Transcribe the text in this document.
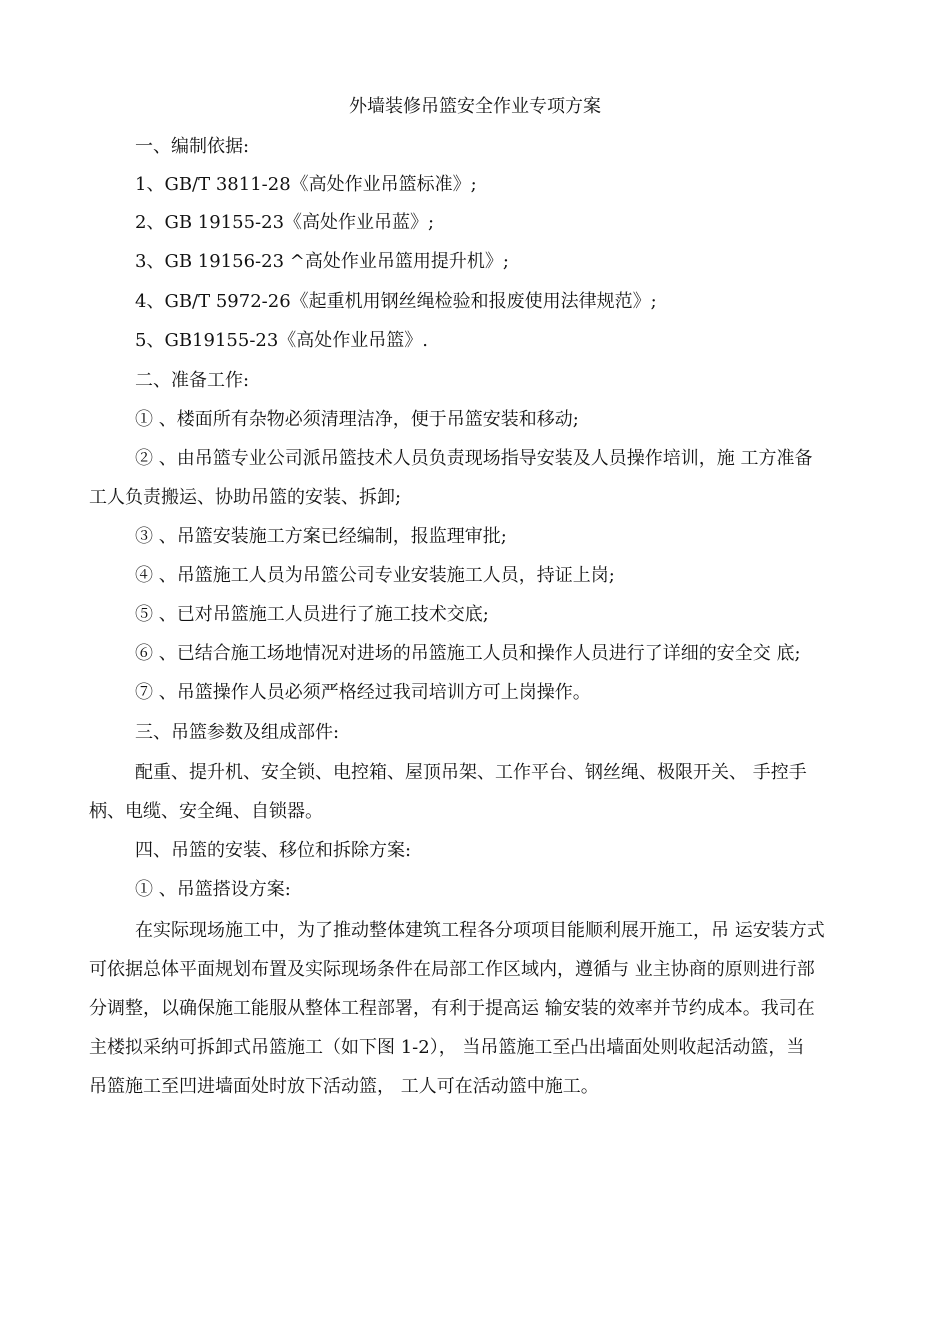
外墙装修吊篮安全作业专项方案
一、编制依据:
1、GB/T 3811-28《高处作业吊篮标准》;
2、GB 19155-23《高处作业吊蓝》;
3、GB 19156-23 ^高处作业吊篮用提升机》;
4、GB/T 5972-26《起重机用钢丝绳检验和报废使用法律规范》;
5、GB19155-23《高处作业吊篮》.
二、准备工作:
① 、楼面所有杂物必须清理洁净，便于吊篮安装和移动;
② 、由吊篮专业公司派吊篮技术人员负责现场指导安装及人员操作培训，施 工方准备
工人负责搬运、协助吊篮的安装、拆卸;
③ 、吊篮安装施工方案已经编制，报监理审批;
④ 、吊篮施工人员为吊篮公司专业安装施工人员，持证上岗;
⑤ 、已对吊篮施工人员进行了施工技术交底;
⑥ 、已结合施工场地情况对进场的吊篮施工人员和操作人员进行了详细的安全交 底;
⑦ 、吊篮操作人员必须严格经过我司培训方可上岗操作。
三、吊篮参数及组成部件:
配重、提升机、安全锁、电控箱、屋顶吊架、工作平台、钢丝绳、极限开关、 手控手
柄、电缆、安全绳、自锁器。
四、吊篮的安装、移位和拆除方案:
① 、吊篮搭设方案:
在实际现场施工中，为了推动整体建筑工程各分项项目能顺利展开施工，吊 运安装方式
可依据总体平面规划布置及实际现场条件在局部工作区域内，遵循与 业主协商的原则进行部
分调整，以确保施工能服从整体工程部署，有利于提高运 输安装的效率并节约成本。我司在
主楼拟采纳可拆卸式吊篮施工（如下图 1-2）， 当吊篮施工至凸出墙面处则收起活动篮，当
吊篮施工至凹进墙面处时放下活动篮， 工人可在活动篮中施工。
